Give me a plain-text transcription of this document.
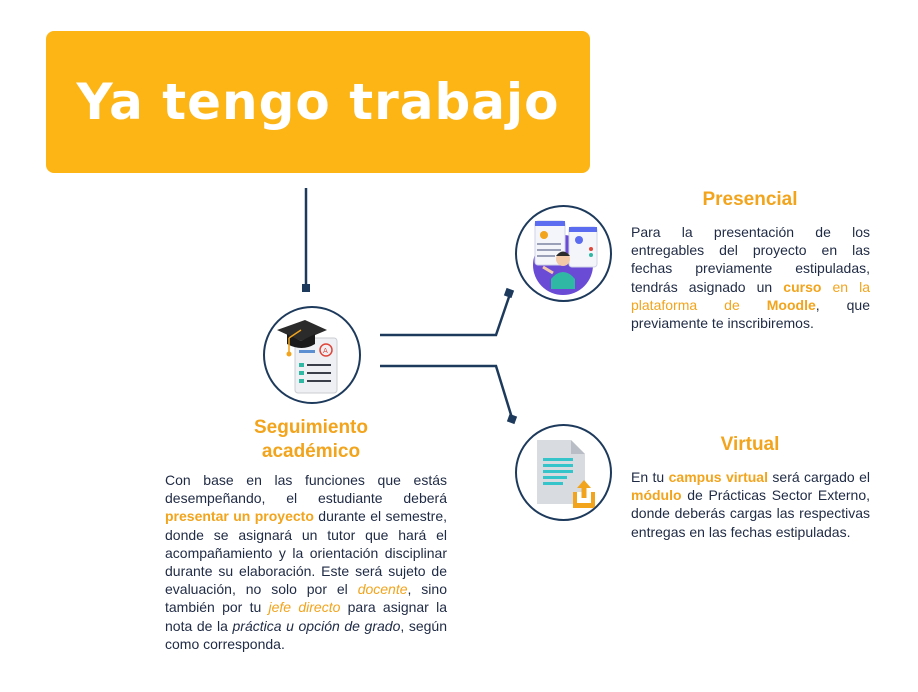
Ya tengo trabajo
A
Seguimiento
académico

Con base en las funciones que estás desempeñando, el estudiante deberá presentar un proyecto durante el semestre, donde se asignará un tutor que hará el acompañamiento y la orientación disciplinar durante su elaboración. Este será sujeto de evaluación, no solo por el docente, sino también por tu jefe directo para asignar la nota de la práctica u opción de grado, según como corresponda.

Presencial

Para la presentación de los entregables del proyecto en las fechas previamente estipuladas, tendrás asignado un curso en la plataforma de Moodle, que previamente te inscribiremos.

Virtual

En tu campus virtual será cargado el módulo de Prácticas Sector Externo, donde deberás cargas las respectivas entregas en las fechas estipuladas.
